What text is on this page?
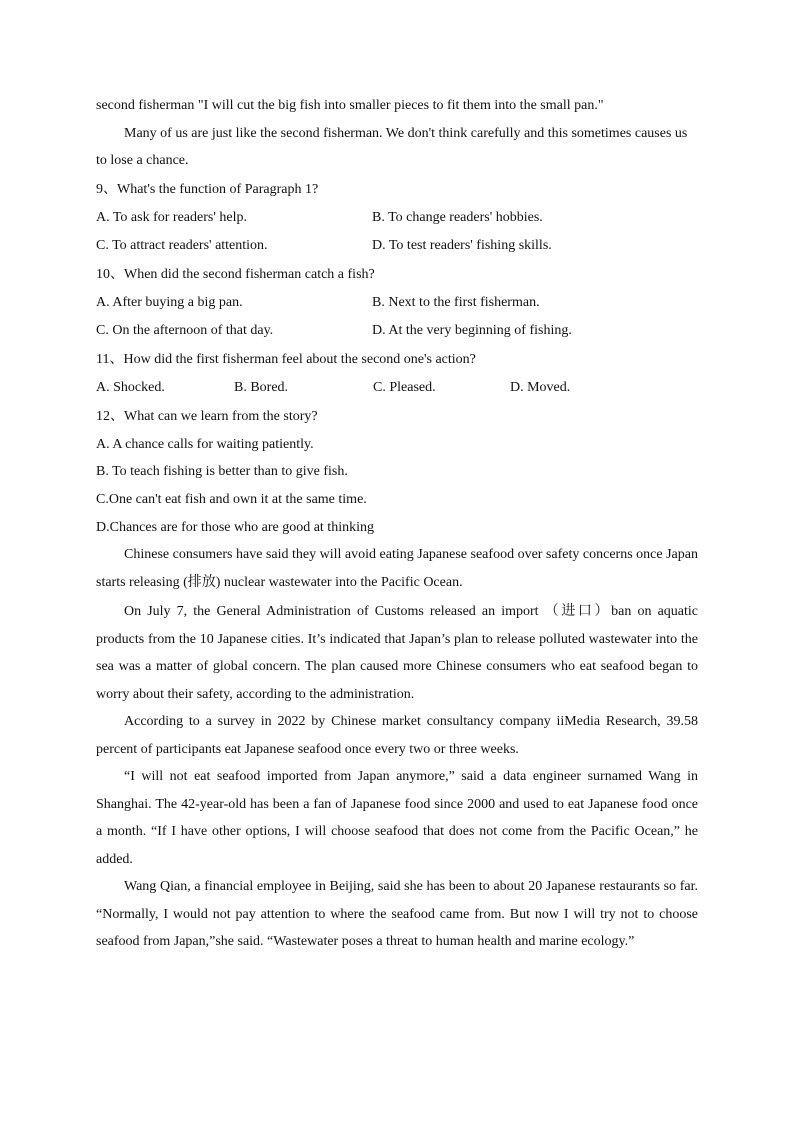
second fisherman "I will cut the big fish into smaller pieces to fit them into the small pan."

Many of us are just like the second fisherman. We don't think carefully and this sometimes causes us to lose a chance.

9、What's the function of Paragraph 1?

A. To ask for readers' help.	B. To change readers' hobbies.
C. To attract readers' attention.	D. To test readers' fishing skills.

10、When did the second fisherman catch a fish?

A. After buying a big pan.	B. Next to the first fisherman.
C. On the afternoon of that day.	D. At the very beginning of fishing.

11、How did the first fisherman feel about the second one's action?

A. Shocked.	B. Bored.	C. Pleased.	D. Moved.

12、What can we learn from the story?

A. A chance calls for waiting patiently.

B. To teach fishing is better than to give fish.

C.One can't eat fish and own it at the same time.

D.Chances are for those who are good at thinking

Chinese consumers have said they will avoid eating Japanese seafood over safety concerns once Japan starts releasing (排放) nuclear wastewater into the Pacific Ocean.

On July 7, the General Administration of Customs released an import （进口）ban on aquatic products from the 10 Japanese cities. It’s indicated that Japan’s plan to release polluted wastewater into the sea was a matter of global concern. The plan caused more Chinese consumers who eat seafood began to worry about their safety, according to the administration.

According to a survey in 2022 by Chinese market consultancy company iiMedia Research, 39.58 percent of participants eat Japanese seafood once every two or three weeks.

“I will not eat seafood imported from Japan anymore,” said a data engineer surnamed Wang in Shanghai. The 42-year-old has been a fan of Japanese food since 2000 and used to eat Japanese food once a month. “If I have other options, I will choose seafood that does not come from the Pacific Ocean,” he added.

Wang Qian, a financial employee in Beijing, said she has been to about 20 Japanese restaurants so far. “Normally, I would not pay attention to where the seafood came from. But now I will try not to choose seafood from Japan,”she said. “Wastewater poses a threat to human health and marine ecology.”
